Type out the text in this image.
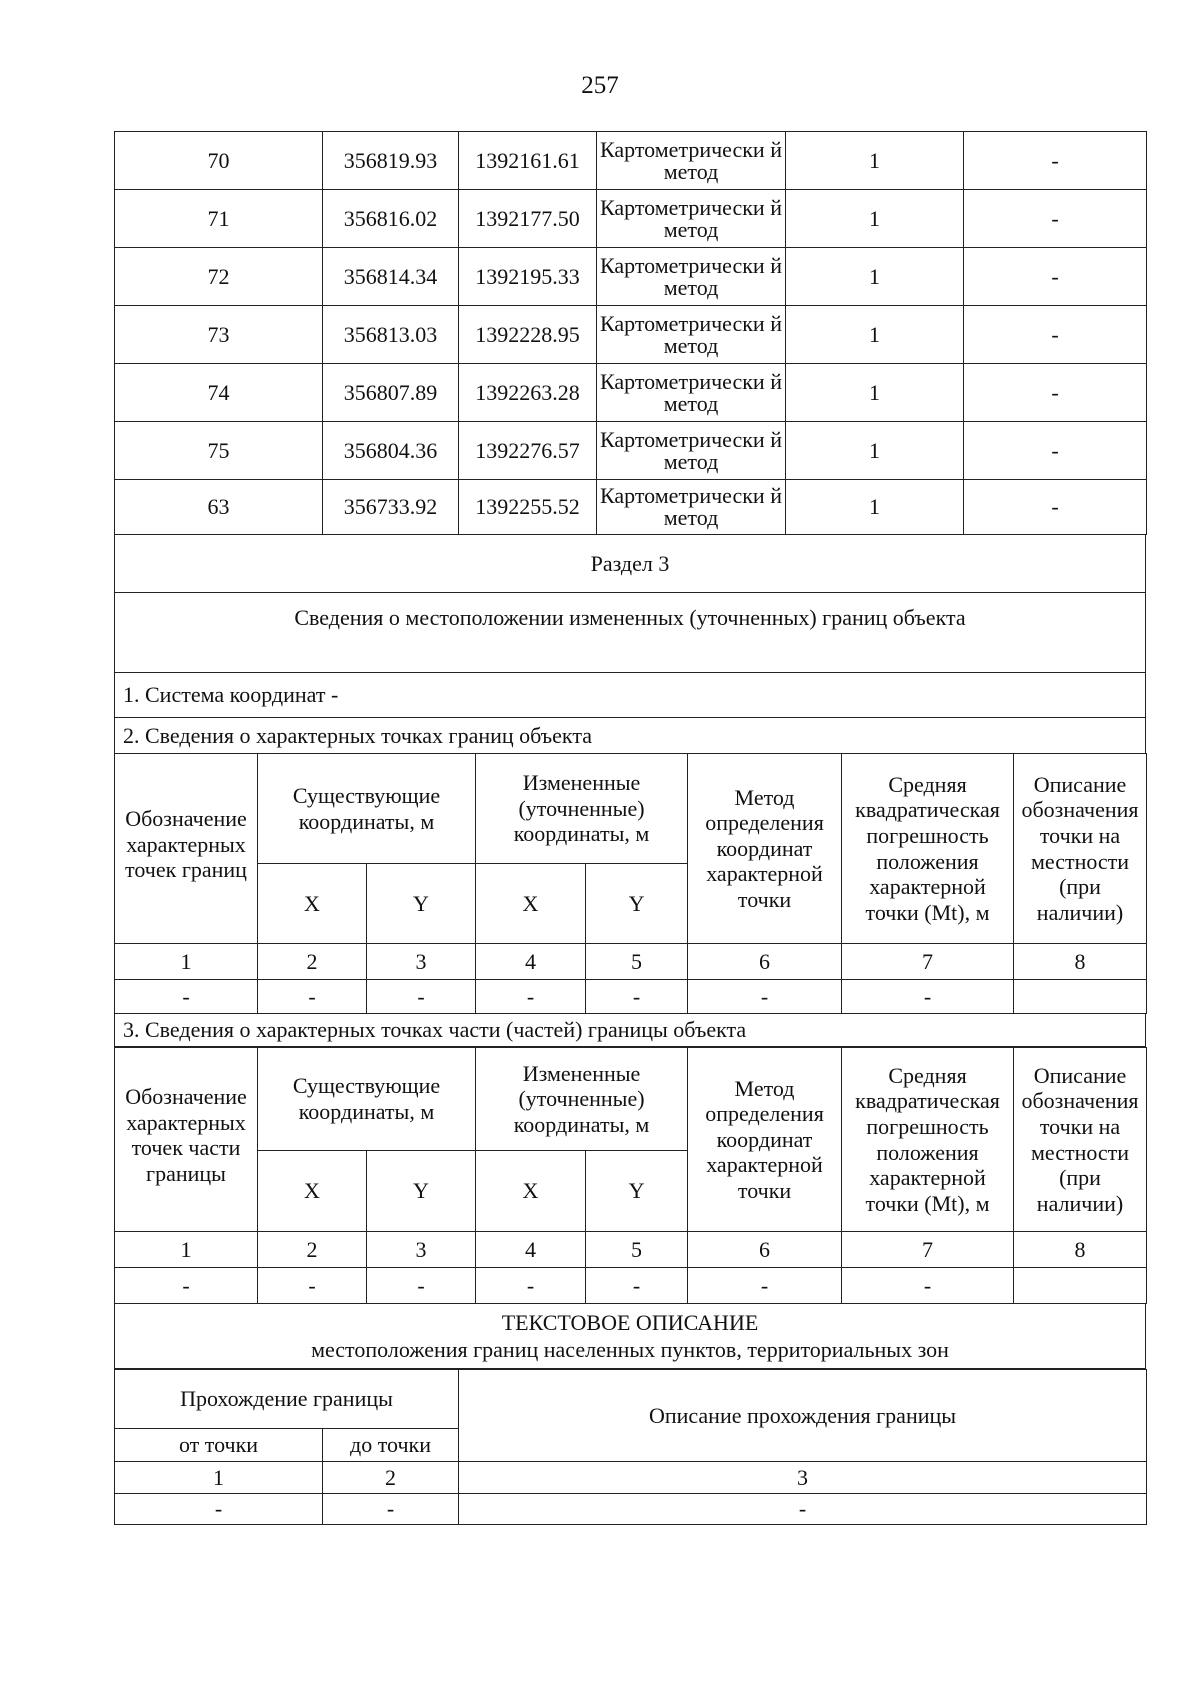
257
70	356819.93	1392161.61	Картометрически й метод	1	-
71	356816.02	1392177.50	Картометрически й метод	1	-
72	356814.34	1392195.33	Картометрически й метод	1	-
73	356813.03	1392228.95	Картометрически й метод	1	-
74	356807.89	1392263.28	Картометрически й метод	1	-
75	356804.36	1392276.57	Картометрически й метод	1	-
63	356733.92	1392255.52	Картометрически й метод	1	-
Раздел 3
Сведения о местоположении измененных (уточненных) границ объекта
1. Система координат -
2. Сведения о характерных точках границ объекта
Обозначение характерных точек границ	Существующие координаты, м		Измененные (уточненные) координаты, м		Метод определения координат характерной точки	Средняя квадратическая погрешность положения характерной точки (Mt), м	Описание обозначения точки на местности (при наличии)
	X	Y	X	Y			
1	2	3	4	5	6	7	8
-	-	-	-	-	-	-	
3. Сведения о характерных точках части (частей) границы объекта
Обозначение характерных точек части границы	Существующие координаты, м		Измененные (уточненные) координаты, м		Метод определения координат характерной точки	Средняя квадратическая погрешность положения характерной точки (Mt), м	Описание обозначения точки на местности (при наличии)
	X	Y	X	Y			
1	2	3	4	5	6	7	8
-	-	-	-	-	-	-	
ТЕКСТОВОЕ ОПИСАНИЕ
местоположения границ населенных пунктов, территориальных зон
Прохождение границы		Описание прохождения границы
от точки	до точки	
1	2	3
-	-	-
